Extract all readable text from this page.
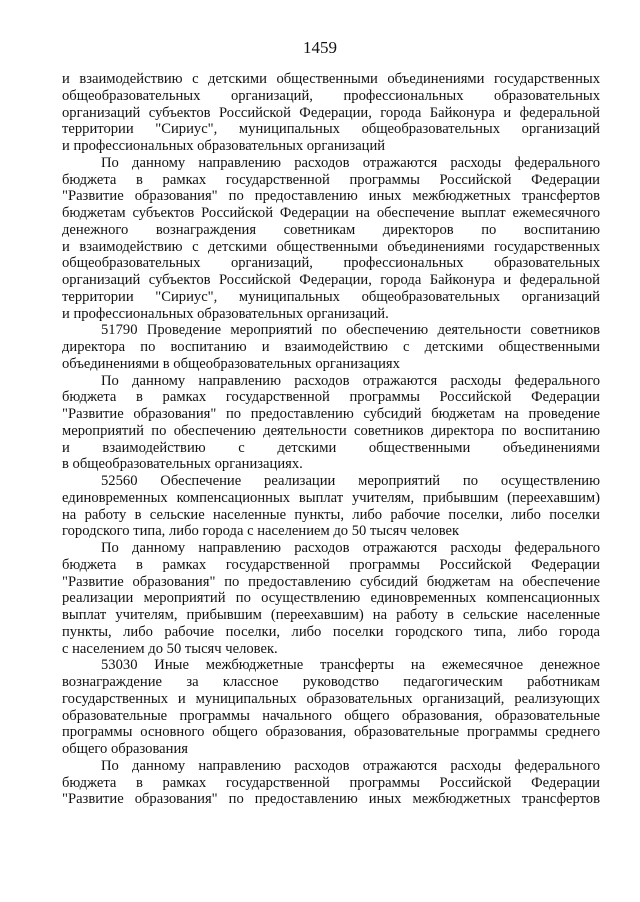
1459
и взаимодействию с детскими общественными объединениями государственных
общеобразовательных организаций, профессиональных образовательных
организаций субъектов Российской Федерации, города Байконура и федеральной
территории "Сириус", муниципальных общеобразовательных организаций
и профессиональных образовательных организаций
По данному направлению расходов отражаются расходы федерального
бюджета в рамках государственной программы Российской Федерации
"Развитие образования" по предоставлению иных межбюджетных трансфертов
бюджетам субъектов Российской Федерации на обеспечение выплат ежемесячного
денежного вознаграждения советникам директоров по воспитанию
и взаимодействию с детскими общественными объединениями государственных
общеобразовательных организаций, профессиональных образовательных
организаций субъектов Российской Федерации, города Байконура и федеральной
территории "Сириус", муниципальных общеобразовательных организаций
и профессиональных образовательных организаций.
51790 Проведение мероприятий по обеспечению деятельности советников
директора по воспитанию и взаимодействию с детскими общественными
объединениями в общеобразовательных организациях
По данному направлению расходов отражаются расходы федерального
бюджета в рамках государственной программы Российской Федерации
"Развитие образования" по предоставлению субсидий бюджетам на проведение
мероприятий по обеспечению деятельности советников директора по воспитанию
и взаимодействию с детскими общественными объединениями
в общеобразовательных организациях.
52560 Обеспечение реализации мероприятий по осуществлению
единовременных компенсационных выплат учителям, прибывшим (переехавшим)
на работу в сельские населенные пункты, либо рабочие поселки, либо поселки
городского типа, либо города с населением до 50 тысяч человек
По данному направлению расходов отражаются расходы федерального
бюджета в рамках государственной программы Российской Федерации
"Развитие образования" по предоставлению субсидий бюджетам на обеспечение
реализации мероприятий по осуществлению единовременных компенсационных
выплат учителям, прибывшим (переехавшим) на работу в сельские населенные
пункты, либо рабочие поселки, либо поселки городского типа, либо города
с населением до 50 тысяч человек.
53030 Иные межбюджетные трансферты на ежемесячное денежное
вознаграждение за классное руководство педагогическим работникам
государственных и муниципальных образовательных организаций, реализующих
образовательные программы начального общего образования, образовательные
программы основного общего образования, образовательные программы среднего
общего образования
По данному направлению расходов отражаются расходы федерального
бюджета в рамках государственной программы Российской Федерации
"Развитие образования" по предоставлению иных межбюджетных трансфертов
